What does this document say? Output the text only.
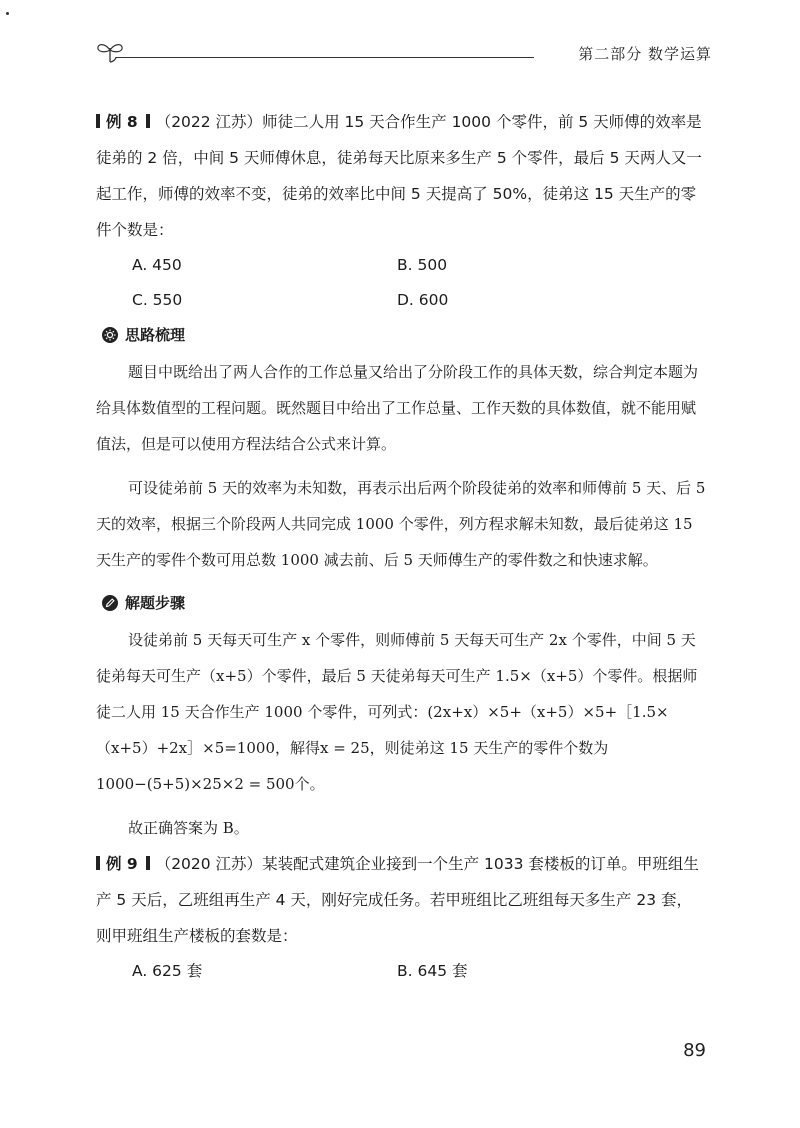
第二部分 数学运算

例 8 （2022 江苏）师徒二人用 15 天合作生产 1000 个零件，前 5 天师傅的效率是徒弟的 2 倍，中间 5 天师傅休息，徒弟每天比原来多生产 5 个零件，最后 5 天两人又一起工作，师傅的效率不变，徒弟的效率比中间 5 天提高了 50%，徒弟这 15 天生产的零件个数是：

A. 450	B. 500
C. 550	D. 600
思路梳理

题目中既给出了两人合作的工作总量又给出了分阶段工作的具体天数，综合判定本题为给具体数值型的工程问题。既然题目中给出了工作总量、工作天数的具体数值，就不能用赋值法，但是可以使用方程法结合公式来计算。

可设徒弟前 5 天的效率为未知数，再表示出后两个阶段徒弟的效率和师傅前 5 天、后 5 天的效率，根据三个阶段两人共同完成 1000 个零件，列方程求解未知数，最后徒弟这 15 天生产的零件个数可用总数 1000 减去前、后 5 天师傅生产的零件数之和快速求解。

解题步骤

设徒弟前 5 天每天可生产 x 个零件，则师傅前 5 天每天可生产 2x 个零件，中间 5 天徒弟每天可生产（x+5）个零件，最后 5 天徒弟每天可生产 1.5×（x+5）个零件。根据师徒二人用 15 天合作生产 1000 个零件，可列式：(2x+x）×5+（x+5）×5+［1.5×（x+5）+2x］×5=1000，解得x = 25，则徒弟这 15 天生产的零件个数为

1000−(5+5)×25×2 = 500个。

故正确答案为 B。

例 9 （2020 江苏）某装配式建筑企业接到一个生产 1033 套楼板的订单。甲班组生产 5 天后，乙班组再生产 4 天，刚好完成任务。若甲班组比乙班组每天多生产 23 套，则甲班组生产楼板的套数是：

A. 625 套	B. 645 套
89
